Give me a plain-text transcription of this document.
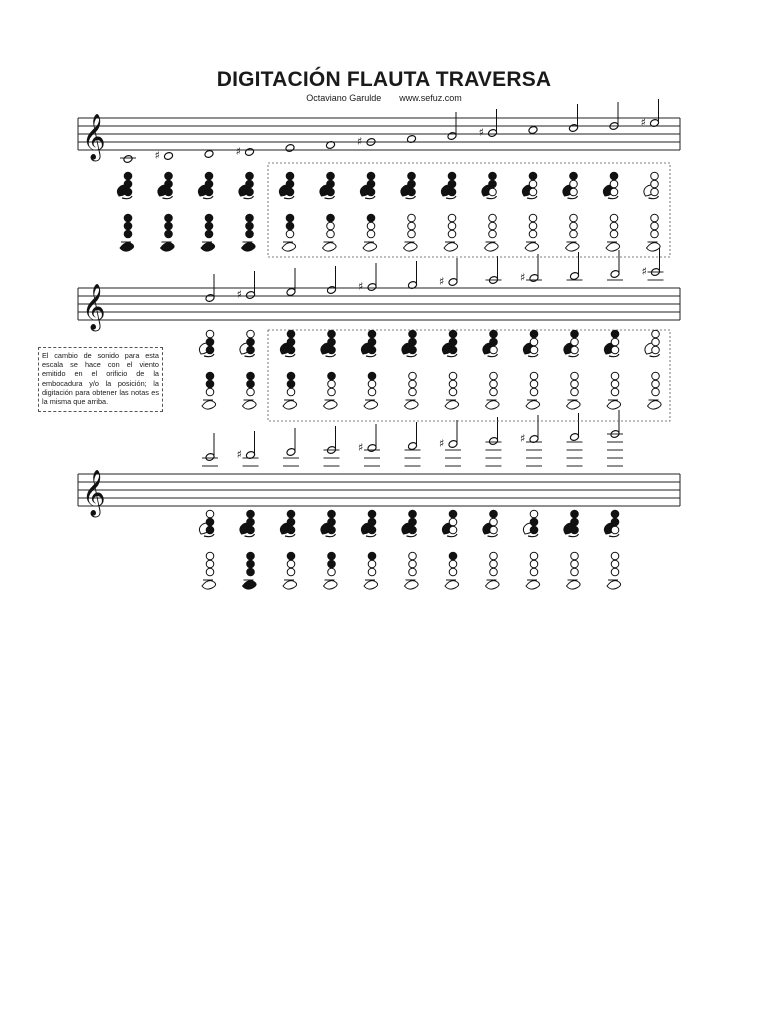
DIGITACIÓN FLAUTA TRAVERSA
Octaviano Garulde www.sefuz.com
El cambio de sonido para esta escala se hace con el viento emitido en el orificio de la embocadura y/o la posición; la digitación para obtener las notas es la misma que arriba.
𝄞
𝄞
𝄞
♯	♯
♯
♯
♯
♯
♯	♯	♯	♯
♯
♯	♯	♯
